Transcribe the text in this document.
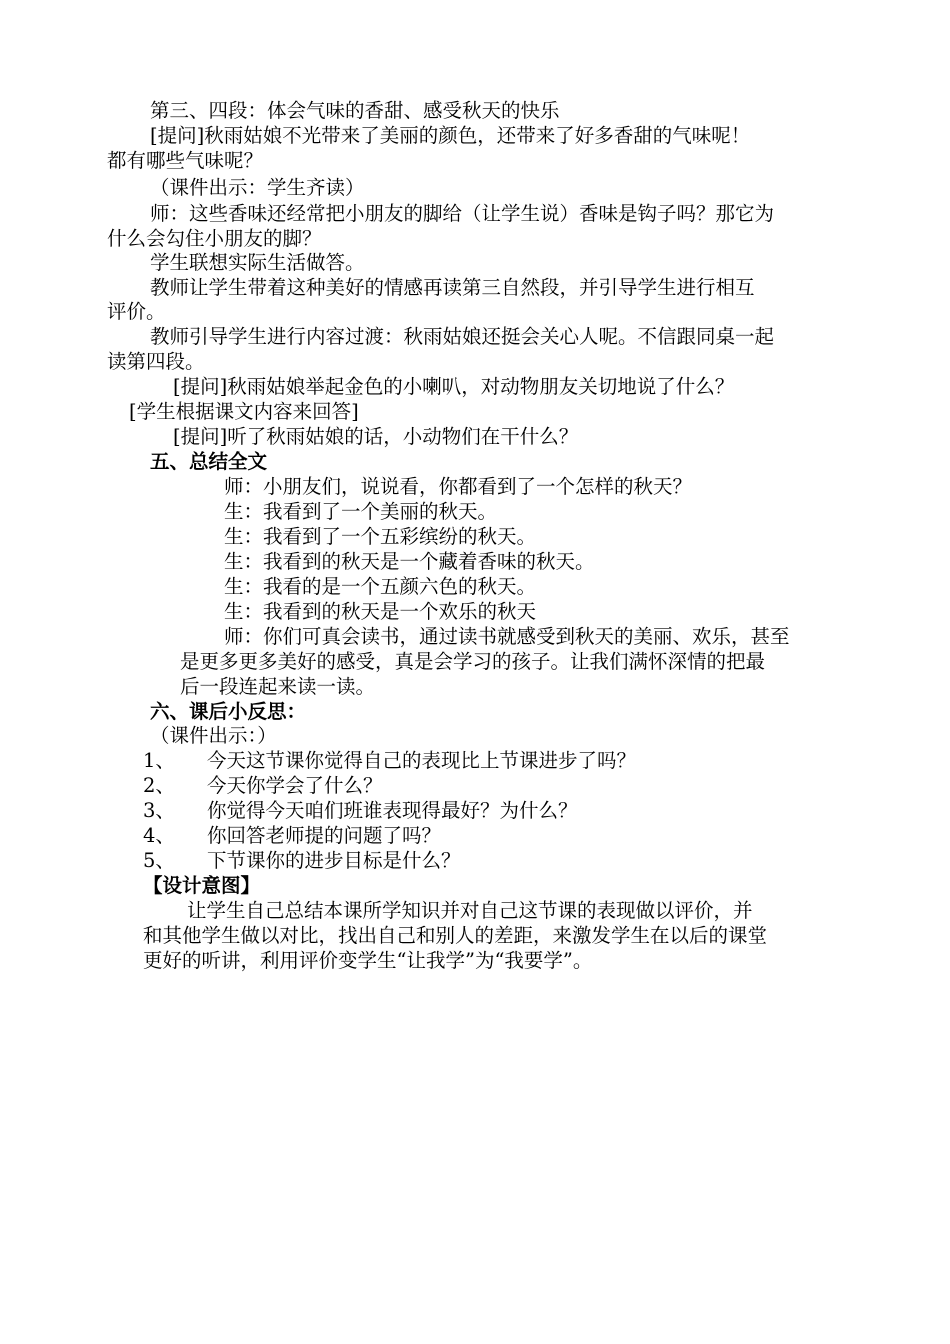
第三、四段：体会气味的香甜、感受秋天的快乐
[提问]秋雨姑娘不光带来了美丽的颜色，还带来了好多香甜的气味呢！
都有哪些气味呢？
（课件出示：学生齐读）
师：这些香味还经常把小朋友的脚给（让学生说）香味是钩子吗？那它为
什么会勾住小朋友的脚？
学生联想实际生活做答。
教师让学生带着这种美好的情感再读第三自然段，并引导学生进行相互
评价。
教师引导学生进行内容过渡：秋雨姑娘还挺会关心人呢。不信跟同桌一起
读第四段。
[提问]秋雨姑娘举起金色的小喇叭，对动物朋友关切地说了什么？
[学生根据课文内容来回答]
[提问]听了秋雨姑娘的话，小动物们在干什么？
五、总结全文
师：小朋友们，说说看，你都看到了一个怎样的秋天？
生：我看到了一个美丽的秋天。
生：我看到了一个五彩缤纷的秋天。
生：我看到的秋天是一个藏着香味的秋天。
生：我看的是一个五颜六色的秋天。
生：我看到的秋天是一个欢乐的秋天
师：你们可真会读书，通过读书就感受到秋天的美丽、欢乐，甚至
是更多更多美好的感受，真是会学习的孩子。让我们满怀深情的把最
后一段连起来读一读。
六、课后小反思：
（课件出示：）
1、 今天这节课你觉得自己的表现比上节课进步了吗？
2、 今天你学会了什么？
3、 你觉得今天咱们班谁表现得最好？为什么？
4、 你回答老师提的问题了吗？
5、 下节课你的进步目标是什么？
【设计意图】
让学生自己总结本课所学知识并对自己这节课的表现做以评价，并
和其他学生做以对比，找出自己和别人的差距，来激发学生在以后的课堂
更好的听讲，利用评价变学生“让我学”为“我要学”。
